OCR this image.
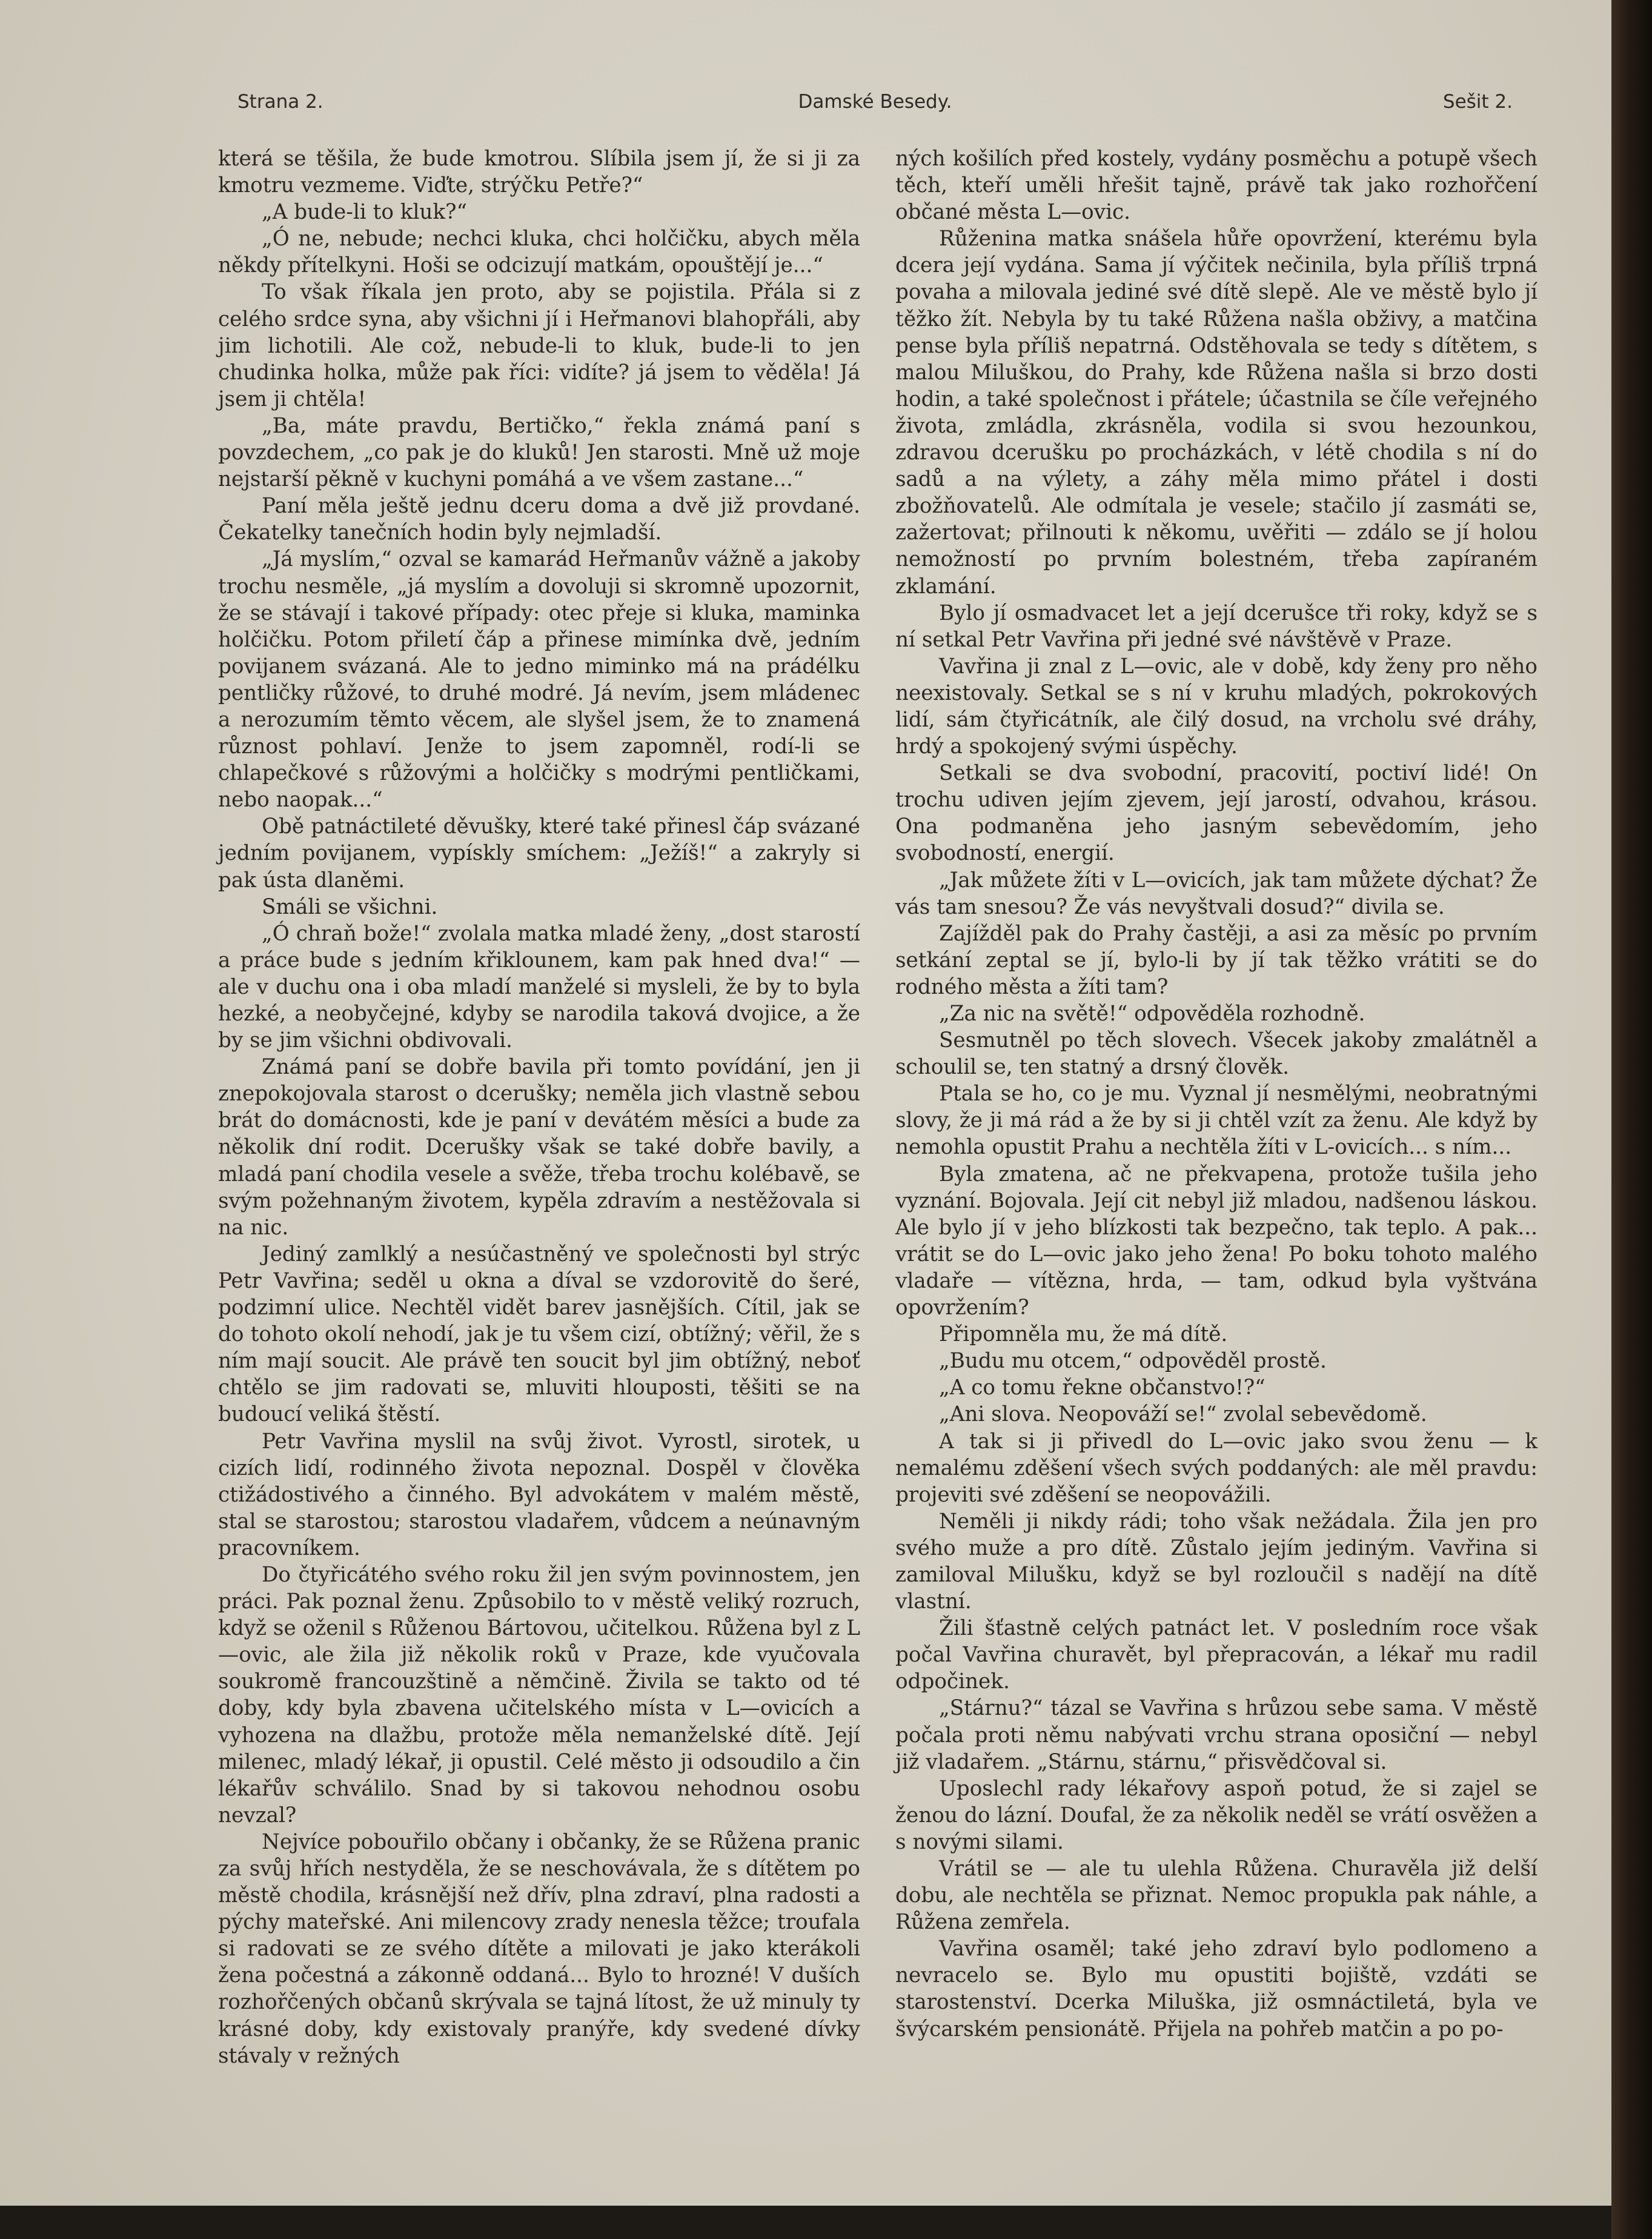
Strana 2.	Damské Besedy.	Sešit 2.

která se těšila, že bude kmotrou. Slíbila jsem jí, že si ji za kmotru vezmeme. Viďte, strýčku Petře?“

„A bude-li to kluk?“

„Ó ne, nebude; nechci kluka, chci holčičku, abych měla někdy přítelkyni. Hoši se odcizují matkám, opouštějí je...“

To však říkala jen proto, aby se pojistila. Přála si z celého srdce syna, aby všichni jí i Heřmanovi blahopřáli, aby jim lichotili. Ale což, nebude-li to kluk, bude-li to jen chudinka holka, může pak říci: vidíte? já jsem to věděla! Já jsem ji chtěla!

„Ba, máte pravdu, Bertičko,“ řekla známá paní s povzdechem, „co pak je do kluků! Jen starosti. Mně už moje nejstarší pěkně v kuchyni pomáhá a ve všem zastane...“

Paní měla ještě jednu dceru doma a dvě již provdané. Čekatelky tanečních hodin byly nejmladší.

„Já myslím,“ ozval se kamarád Heřmanův vážně a jakoby trochu nesměle, „já myslím a dovoluji si skromně upozornit, že se stávají i takové případy: otec přeje si kluka, maminka holčičku. Potom přiletí čáp a přinese mimínka dvě, jedním povijanem svázaná. Ale to jedno miminko má na prádélku pentličky růžové, to druhé modré. Já nevím, jsem mládenec a nerozumím těmto věcem, ale slyšel jsem, že to znamená různost pohlaví. Jenže to jsem zapomněl, rodí-li se chlapečkové s růžovými a holčičky s modrými pentličkami, nebo naopak...“

Obě patnáctileté děvušky, které také přinesl čáp svázané jedním povijanem, vypískly smíchem: „Ježíš!“ a zakryly si pak ústa dlaněmi.

Smáli se všichni.

„Ó chraň bože!“ zvolala matka mladé ženy, „dost starostí a práce bude s jedním křiklounem, kam pak hned dva!“ — ale v duchu ona i oba mladí manželé si mysleli, že by to byla hezké, a neobyčejné, kdyby se narodila taková dvojice, a že by se jim všichni obdivovali.

Známá paní se dobře bavila při tomto povídání, jen ji znepokojovala starost o dcerušky; neměla jich vlastně sebou brát do domácnosti, kde je paní v devátém měsíci a bude za několik dní rodit. Dcerušky však se také dobře bavily, a mladá paní chodila vesele a svěže, třeba trochu kolébavě, se svým požehnaným životem, kypěla zdravím a nestěžovala si na nic.

Jediný zamlklý a nesúčastněný ve společnosti byl strýc Petr Vavřina; seděl u okna a díval se vzdorovitě do šeré, podzimní ulice. Nechtěl vidět barev jasnějších. Cítil, jak se do tohoto okolí nehodí, jak je tu všem cizí, obtížný; věřil, že s ním mají soucit. Ale právě ten soucit byl jim obtížný, neboť chtělo se jim radovati se, mluviti hlouposti, těšiti se na budoucí veliká štěstí.

Petr Vavřina myslil na svůj život. Vyrostl, sirotek, u cizích lidí, rodinného života nepoznal. Dospěl v člověka ctižádostivého a činného. Byl advokátem v malém městě, stal se starostou; starostou vladařem, vůdcem a neúnavným pracovníkem.

Do čtyřicátého svého roku žil jen svým povinnostem, jen práci. Pak poznal ženu. Způsobilo to v městě veliký rozruch, když se oženil s Růženou Bártovou, učitelkou. Růžena byl z L—ovic, ale žila již několik roků v Praze, kde vyučovala soukromě francouzštině a němčině. Živila se takto od té doby, kdy byla zbavena učitelského místa v L—ovicích a vyhozena na dlažbu, protože měla nemanželské dítě. Její milenec, mladý lékař, ji opustil. Celé město ji odsoudilo a čin lékařův schválilo. Snad by si takovou nehodnou osobu nevzal?

Nejvíce pobouřilo občany i občanky, že se Růžena pranic za svůj hřích nestyděla, že se neschovávala, že s dítětem po městě chodila, krásnější než dřív, plna zdraví, plna radosti a pýchy mateřské. Ani milencovy zrady nenesla těžce; troufala si radovati se ze svého dítěte a milovati je jako kterákoli žena počestná a zákonně oddaná... Bylo to hrozné! V duších rozhořčených občanů skrývala se tajná lítost, že už minuly ty krásné doby, kdy existovaly pranýře, kdy svedené dívky stávaly v režných

ných košilích před kostely, vydány posměchu a potupě všech těch, kteří uměli hřešit tajně, právě tak jako rozhořčení občané města L—ovic.

Růženina matka snášela hůře opovržení, kterému byla dcera její vydána. Sama jí výčitek nečinila, byla příliš trpná povaha a milovala jediné své dítě slepě. Ale ve městě bylo jí těžko žít. Nebyla by tu také Růžena našla obživy, a matčina pense byla příliš nepatrná. Odstěhovala se tedy s dítětem, s malou Miluškou, do Prahy, kde Růžena našla si brzo dosti hodin, a také společnost i přátele; účastnila se číle veřejného života, zmládla, zkrásněla, vodila si svou hezounkou, zdravou dcerušku po procházkách, v létě chodila s ní do sadů a na výlety, a záhy měla mimo přátel i dosti zbožňovatelů. Ale odmítala je vesele; stačilo jí zasmáti se, zažertovat; přilnouti k někomu, uvěřiti — zdálo se jí holou nemožností po prvním bolestném, třeba zapíraném zklamání.

Bylo jí osmadvacet let a její dcerušce tři roky, když se s ní setkal Petr Vavřina při jedné své návštěvě v Praze.

Vavřina ji znal z L—ovic, ale v době, kdy ženy pro něho neexistovaly. Setkal se s ní v kruhu mladých, pokrokových lidí, sám čtyřicátník, ale čilý dosud, na vrcholu své dráhy, hrdý a spokojený svými úspěchy.

Setkali se dva svobodní, pracovití, poctiví lidé! On trochu udiven jejím zjevem, její jarostí, odvahou, krásou. Ona podmaněna jeho jasným sebevědomím, jeho svobodností, energií.

„Jak můžete žíti v L—ovicích, jak tam můžete dýchat? Že vás tam snesou? Že vás nevyštvali dosud?“ divila se.

Zajížděl pak do Prahy častěji, a asi za měsíc po prvním setkání zeptal se jí, bylo-li by jí tak těžko vrátiti se do rodného města a žíti tam?

„Za nic na světě!“ odpověděla rozhodně.

Sesmutněl po těch slovech. Všecek jakoby zmalátněl a schoulil se, ten statný a drsný člověk.

Ptala se ho, co je mu. Vyznal jí nesmělými, neobratnými slovy, že ji má rád a že by si ji chtěl vzít za ženu. Ale když by nemohla opustit Prahu a nechtěla žíti v L-ovicích... s ním...

Byla zmatena, ač ne překvapena, protože tušila jeho vyznání. Bojovala. Její cit nebyl již mladou, nadšenou láskou. Ale bylo jí v jeho blízkosti tak bezpečno, tak teplo. A pak... vrátit se do L—ovic jako jeho žena! Po boku tohoto malého vladaře — vítězna, hrda, — tam, odkud byla vyštvána opovržením?

Připomněla mu, že má dítě.

„Budu mu otcem,“ odpověděl prostě.

„A co tomu řekne občanstvo!?“

„Ani slova. Neopováží se!“ zvolal sebevědomě.

A tak si ji přivedl do L—ovic jako svou ženu — k nemalému zděšení všech svých poddaných: ale měl pravdu: projeviti své zděšení se neopovážili.

Neměli ji nikdy rádi; toho však nežádala. Žila jen pro svého muže a pro dítě. Zůstalo jejím jediným. Vavřina si zamiloval Milušku, když se byl rozloučil s nadějí na dítě vlastní.

Žili šťastně celých patnáct let. V posledním roce však počal Vavřina churavět, byl přepracován, a lékař mu radil odpočinek.

„Stárnu?“ tázal se Vavřina s hrůzou sebe sama. V městě počala proti němu nabývati vrchu strana oposiční — nebyl již vladařem. „Stárnu, stárnu,“ přisvědčoval si.

Uposlechl rady lékařovy aspoň potud, že si zajel se ženou do lázní. Doufal, že za několik neděl se vrátí osvěžen a s novými silami.

Vrátil se — ale tu ulehla Růžena. Churavěla již delší dobu, ale nechtěla se přiznat. Nemoc propukla pak náhle, a Růžena zemřela.

Vavřina osaměl; také jeho zdraví bylo podlomeno a nevracelo se. Bylo mu opustiti bojiště, vzdáti se starostenství. Dcerka Miluška, již osmnáctiletá, byla ve švýcarském pensionátě. Přijela na pohřeb matčin a po po-
